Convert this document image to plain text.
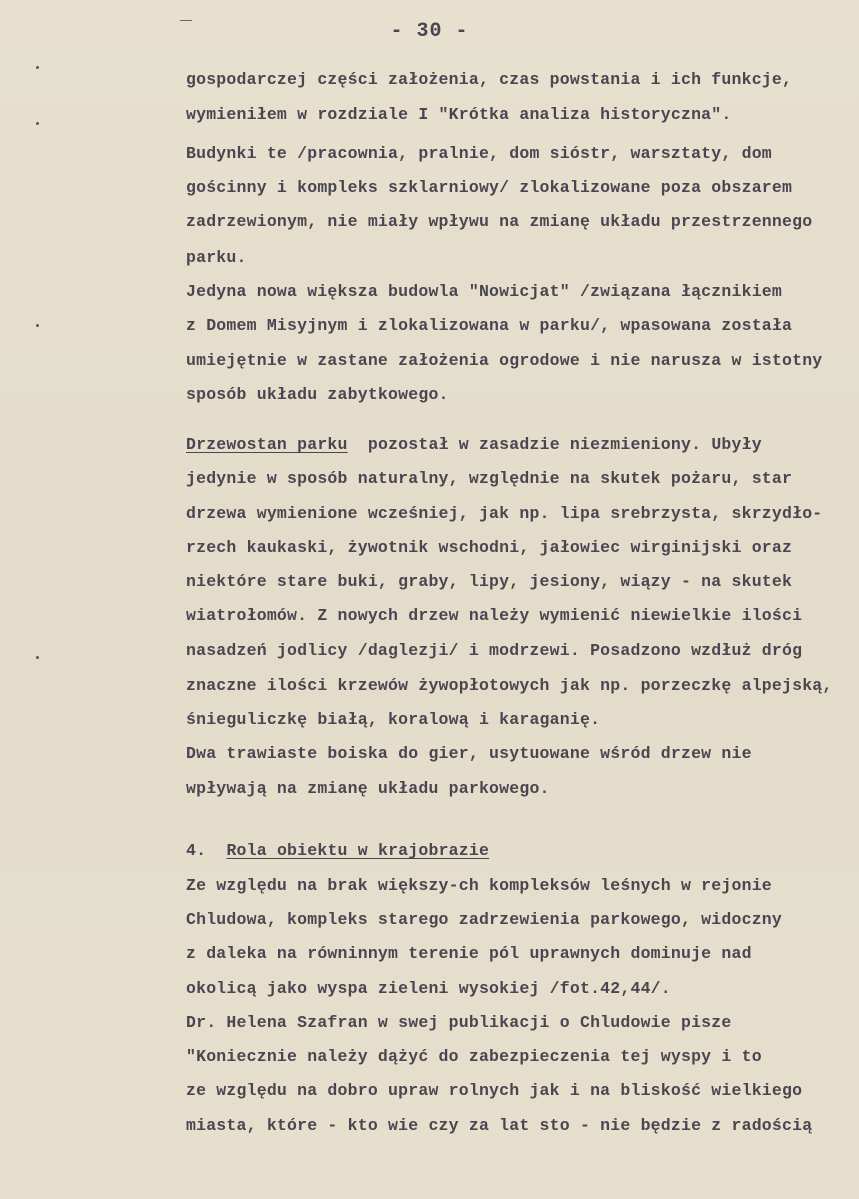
- 30 -
gospodarczej części założenia, czas powstania i ich funkcje,
wymieniłem w rozdziale I "Krótka analiza historyczna".
Budynki te /pracownia, pralnie, dom sióstr, warsztaty, dom
gościnny i kompleks szklarniowy/ zlokalizowane poza obszarem
zadrzewionym, nie miały wpływu na zmianę układu przestrzennego
parku.
Jedyna nowa większa budowla "Nowicjat" /związana łącznikiem
z Domem Misyjnym i zlokalizowana w parku/, wpasowana została
umiejętnie w zastane założenia ogrodowe i nie narusza w istotny
sposób układu zabytkowego.
Drzewostan parku pozostał w zasadzie niezmieniony. Ubyły
jedynie w sposób naturalny, względnie na skutek pożaru, star
drzewa wymienione wcześniej, jak np. lipa srebrzysta, skrzydło-
rzech kaukaski, żywotnik wschodni, jałowiec wirginijski oraz
niektóre stare buki, graby, lipy, jesiony, wiązy - na skutek
wiatrołomów. Z nowych drzew należy wymienić niewielkie ilości
nasadzeń jodlicy /daglezji/ i modrzewi. Posadzono wzdłuż dróg
znaczne ilości krzewów żywopłotowych jak np. porzeczkę alpejską,
śnieguliczkę białą, koralową i karaganię.
Dwa trawiaste boiska do gier, usytuowane wśród drzew nie
wpływają na zmianę układu parkowego.
4. Rola obiektu w krajobrazie
Ze względu na brak większy-ch kompleksów leśnych w rejonie
Chludowa, kompleks starego zadrzewienia parkowego, widoczny
z daleka na równinnym terenie pól uprawnych dominuje nad
okolicą jako wyspa zieleni wysokiej /fot.42,44/.
Dr. Helena Szafran w swej publikacji o Chludowie pisze
"Koniecznie należy dążyć do zabezpieczenia tej wyspy i to
ze względu na dobro upraw rolnych jak i na bliskość wielkiego
miasta, które - kto wie czy za lat sto - nie będzie z radością
